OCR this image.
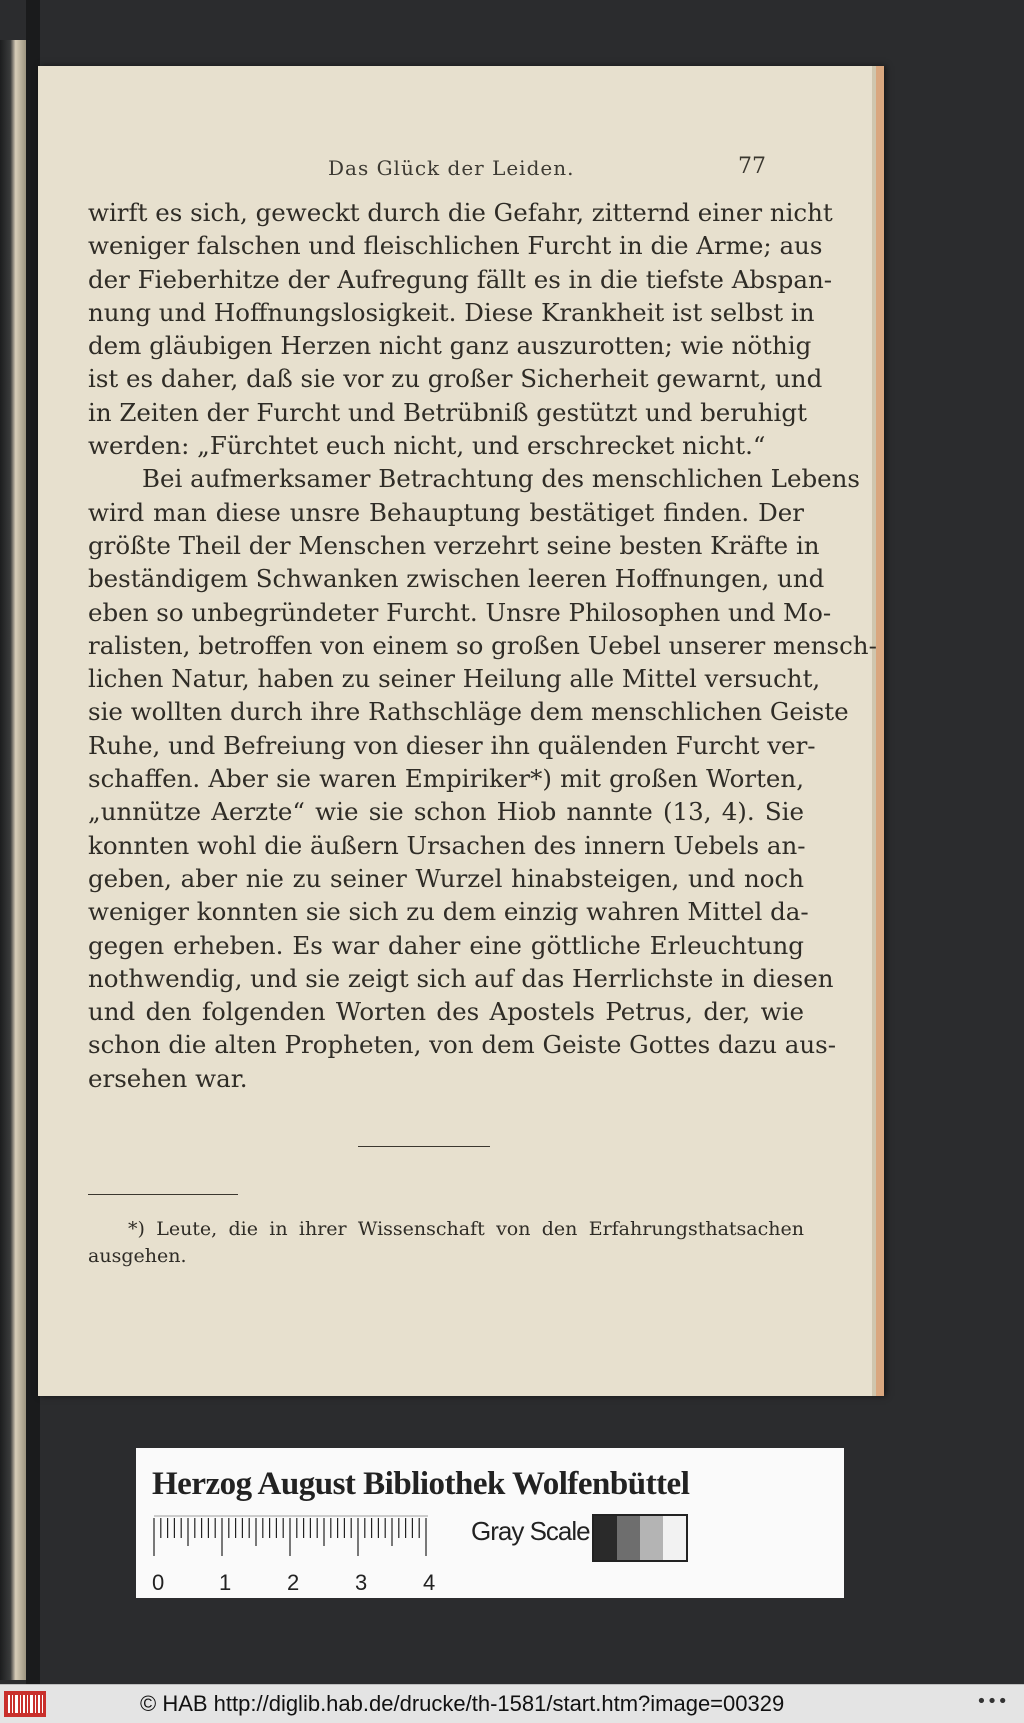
Das Glück der Leiden.	77
wirft es sich, geweckt durch die Gefahr, zitternd einer nicht
weniger falschen und fleischlichen Furcht in die Arme; aus
der Fieberhitze der Aufregung fällt es in die tiefste Abspan-
nung und Hoffnungslosigkeit. Diese Krankheit ist selbst in
dem gläubigen Herzen nicht ganz auszurotten; wie nöthig
ist es daher, daß sie vor zu großer Sicherheit gewarnt, und
in Zeiten der Furcht und Betrübniß gestützt und beruhigt
werden: „Fürchtet euch nicht, und erschrecket nicht.“
Bei aufmerksamer Betrachtung des menschlichen Lebens
wird man diese unsre Behauptung bestätiget finden. Der
größte Theil der Menschen verzehrt seine besten Kräfte in
beständigem Schwanken zwischen leeren Hoffnungen, und
eben so unbegründeter Furcht. Unsre Philosophen und Mo-
ralisten, betroffen von einem so großen Uebel unserer mensch-
lichen Natur, haben zu seiner Heilung alle Mittel versucht,
sie wollten durch ihre Rathschläge dem menschlichen Geiste
Ruhe, und Befreiung von dieser ihn quälenden Furcht ver-
schaffen. Aber sie waren Empiriker*) mit großen Worten,
„unnütze Aerzte“ wie sie schon Hiob nannte (13, 4). Sie
konnten wohl die äußern Ursachen des innern Uebels an-
geben, aber nie zu seiner Wurzel hinabsteigen, und noch
weniger konnten sie sich zu dem einzig wahren Mittel da-
gegen erheben. Es war daher eine göttliche Erleuchtung
nothwendig, und sie zeigt sich auf das Herrlichste in diesen
und den folgenden Worten des Apostels Petrus, der, wie
schon die alten Propheten, von dem Geiste Gottes dazu aus-
ersehen war.
*) Leute, die in ihrer Wissenschaft von den Erfahrungsthatsachen
ausgehen.
Herzog August Bibliothek Wolfenbüttel
0 1	2	3	4
Gray Scale
© HAB http://diglib.hab.de/drucke/th-1581/start.htm?image=00329	•••
